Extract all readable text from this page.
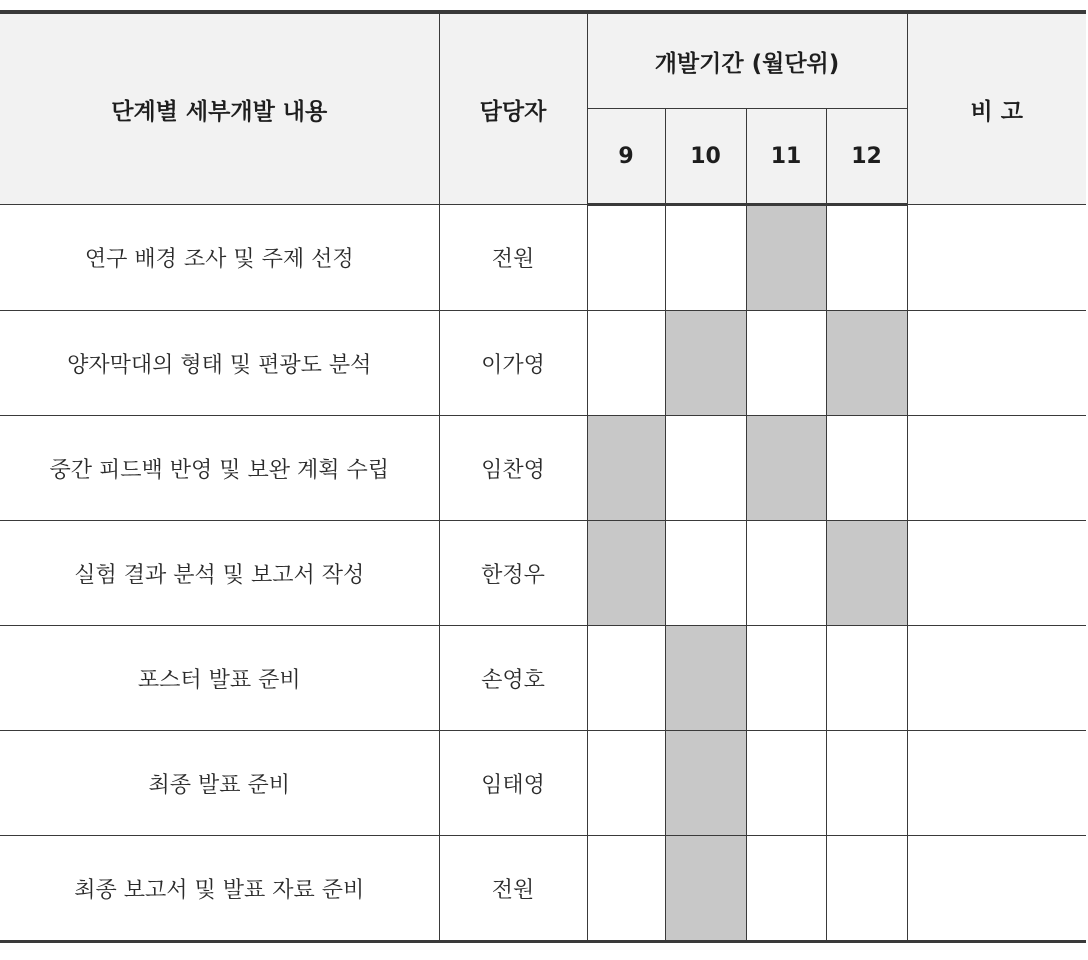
단계별 세부개발 내용	담당자	개발기간 (월단위)				비 고
		9	10	11	12	
연구 배경 조사 및 주제 선정	전원					
양자막대의 형태 및 편광도 분석	이가영					
중간 피드백 반영 및 보완 계획 수립	임찬영					
실험 결과 분석 및 보고서 작성	한정우					
포스터 발표 준비	손영호					
최종 발표 준비	임태영					
최종 보고서 및 발표 자료 준비	전원					
